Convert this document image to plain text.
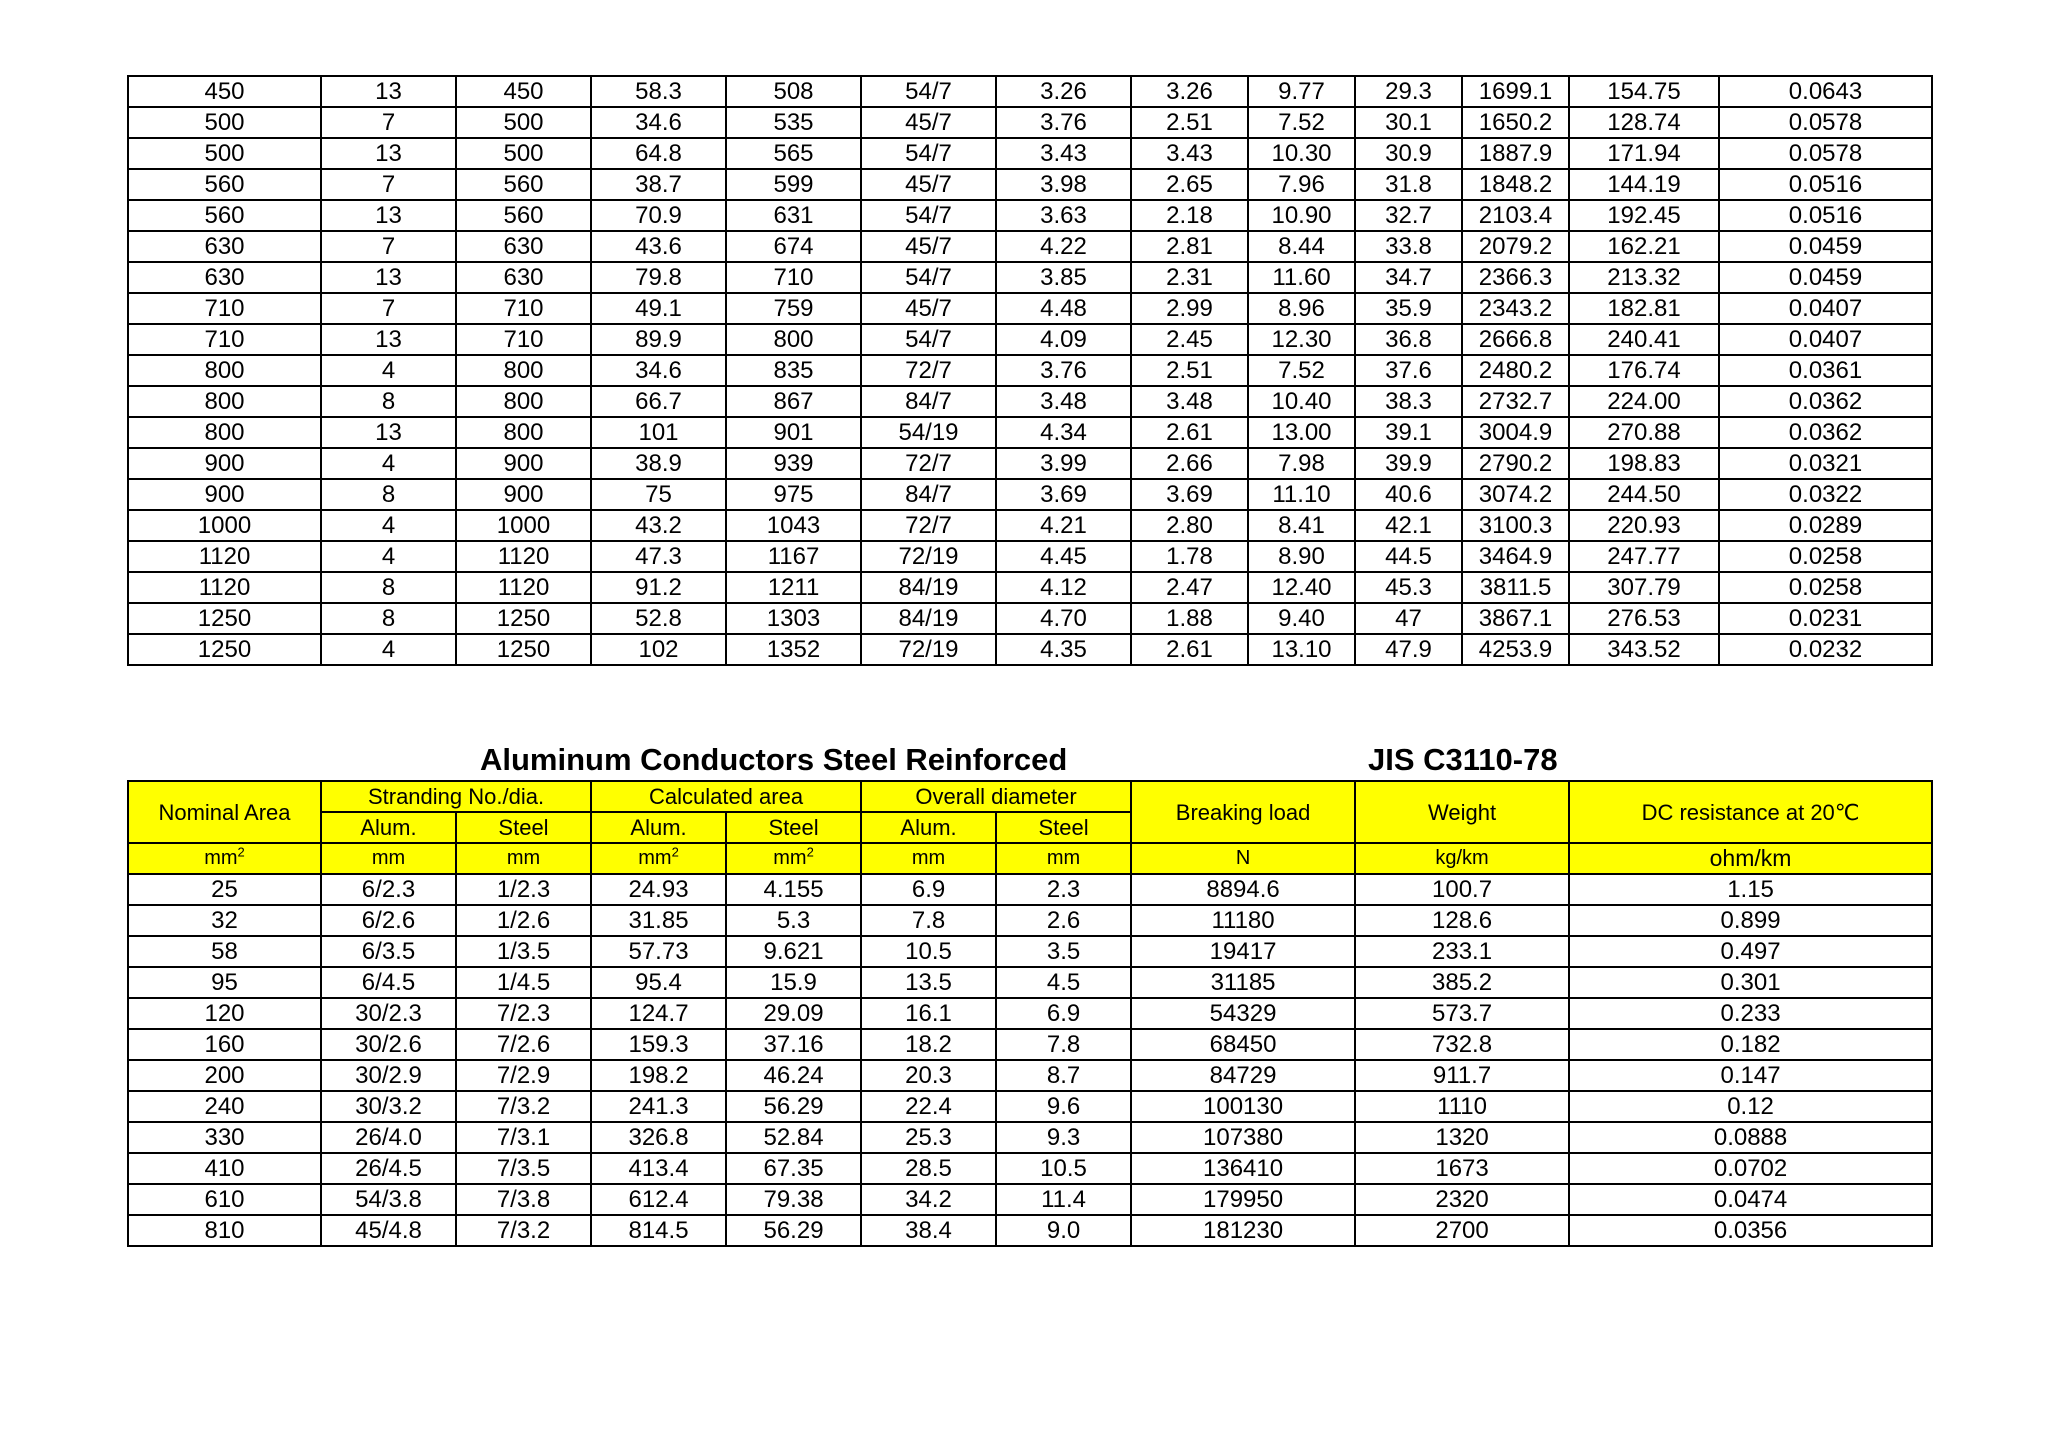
450	13	450	58.3	508	54/7	3.26	3.26	9.77	29.3	1699.1	154.75	0.0643
500	7	500	34.6	535	45/7	3.76	2.51	7.52	30.1	1650.2	128.74	0.0578
500	13	500	64.8	565	54/7	3.43	3.43	10.30	30.9	1887.9	171.94	0.0578
560	7	560	38.7	599	45/7	3.98	2.65	7.96	31.8	1848.2	144.19	0.0516
560	13	560	70.9	631	54/7	3.63	2.18	10.90	32.7	2103.4	192.45	0.0516
630	7	630	43.6	674	45/7	4.22	2.81	8.44	33.8	2079.2	162.21	0.0459
630	13	630	79.8	710	54/7	3.85	2.31	11.60	34.7	2366.3	213.32	0.0459
710	7	710	49.1	759	45/7	4.48	2.99	8.96	35.9	2343.2	182.81	0.0407
710	13	710	89.9	800	54/7	4.09	2.45	12.30	36.8	2666.8	240.41	0.0407
800	4	800	34.6	835	72/7	3.76	2.51	7.52	37.6	2480.2	176.74	0.0361
800	8	800	66.7	867	84/7	3.48	3.48	10.40	38.3	2732.7	224.00	0.0362
800	13	800	101	901	54/19	4.34	2.61	13.00	39.1	3004.9	270.88	0.0362
900	4	900	38.9	939	72/7	3.99	2.66	7.98	39.9	2790.2	198.83	0.0321
900	8	900	75	975	84/7	3.69	3.69	11.10	40.6	3074.2	244.50	0.0322
1000	4	1000	43.2	1043	72/7	4.21	2.80	8.41	42.1	3100.3	220.93	0.0289
1120	4	1120	47.3	1167	72/19	4.45	1.78	8.90	44.5	3464.9	247.77	0.0258
1120	8	1120	91.2	1211	84/19	4.12	2.47	12.40	45.3	3811.5	307.79	0.0258
1250	8	1250	52.8	1303	84/19	4.70	1.88	9.40	47	3867.1	276.53	0.0231
1250	4	1250	102	1352	72/19	4.35	2.61	13.10	47.9	4253.9	343.52	0.0232
Aluminum Conductors Steel Reinforced	JIS C3110-78
Nominal Area	Stranding No./dia.		Calculated area		Overall diameter		Breaking load	Weight	DC resistance at 20℃
	Alum.	Steel	Alum.	Steel	Alum.	Steel			
$mm^2$	mm	mm	$mm^2$	$mm^2$	mm	mm	N	kg/km	ohm/km
25	6/2.3	1/2.3	24.93	4.155	6.9	2.3	8894.6	100.7	1.15
32	6/2.6	1/2.6	31.85	5.3	7.8	2.6	11180	128.6	0.899
58	6/3.5	1/3.5	57.73	9.621	10.5	3.5	19417	233.1	0.497
95	6/4.5	1/4.5	95.4	15.9	13.5	4.5	31185	385.2	0.301
120	30/2.3	7/2.3	124.7	29.09	16.1	6.9	54329	573.7	0.233
160	30/2.6	7/2.6	159.3	37.16	18.2	7.8	68450	732.8	0.182
200	30/2.9	7/2.9	198.2	46.24	20.3	8.7	84729	911.7	0.147
240	30/3.2	7/3.2	241.3	56.29	22.4	9.6	100130	1110	0.12
330	26/4.0	7/3.1	326.8	52.84	25.3	9.3	107380	1320	0.0888
410	26/4.5	7/3.5	413.4	67.35	28.5	10.5	136410	1673	0.0702
610	54/3.8	7/3.8	612.4	79.38	34.2	11.4	179950	2320	0.0474
810	45/4.8	7/3.2	814.5	56.29	38.4	9.0	181230	2700	0.0356
